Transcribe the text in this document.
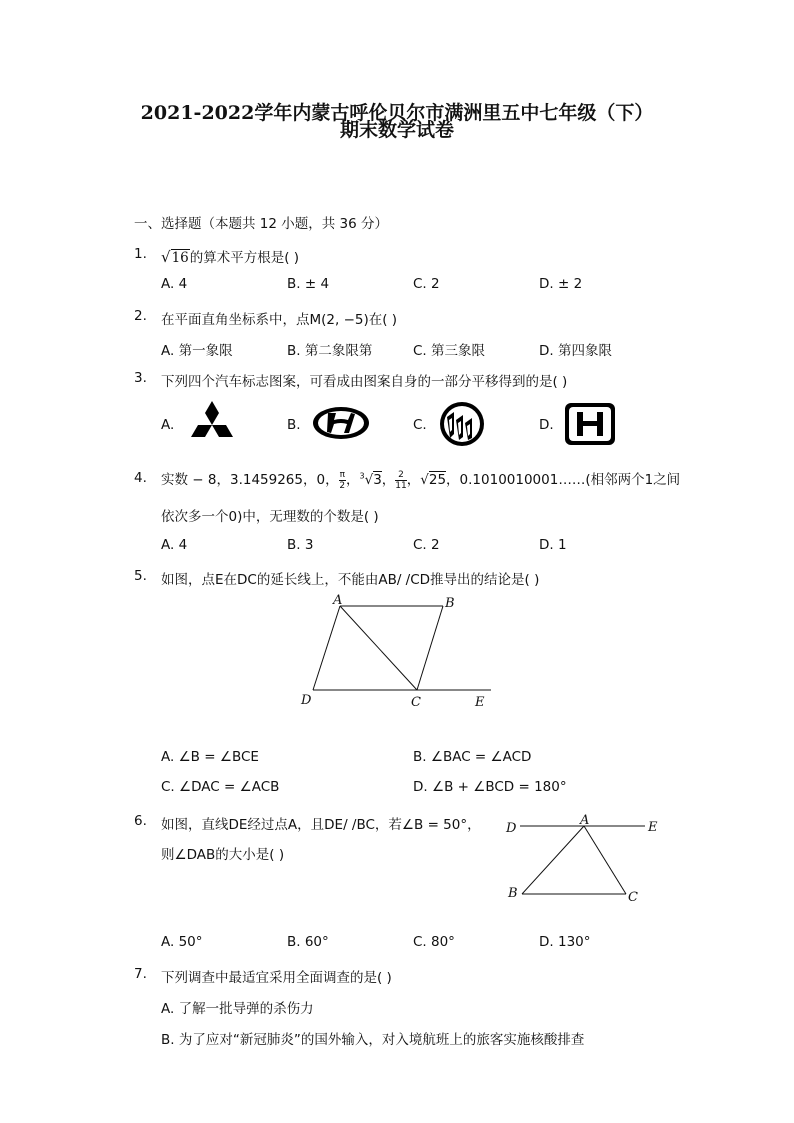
2021-2022学年内蒙古呼伦贝尔市满洲里五中七年级（下）
期末数学试卷
一、选择题（本题共 12 小题，共 36 分）
1. √16的算术平方根是( )
A. 4	B. ± 4	C. 2	D. ± 2
2. 在平面直角坐标系中，点M(2, −5)在( )
A. 第一象限	B. 第二象限第	C. 第三象限	D. 第四象限
3. 下列四个汽车标志图案，可看成由图案自身的一部分平移得到的是( )
A.	B.	C.	D.
4. 实数 − 8，3.1459265，0， $\frac{\pi}{2}$ ，$^3$√3， $\frac{2}{11}$ ，√25，0.1010010001……(相邻两个1之间
依次多一个0)中，无理数的个数是( )
A. 4	B. 3	C. 2	D. 1
5. 如图，点E在DC的延长线上，不能由AB/ /CD推导出的结论是( )
A	B
D	C	E
A. ∠B = ∠BCE	B. ∠BAC = ∠ACD
C. ∠DAC = ∠ACB	D. ∠B + ∠BCD = 180°
6. 如图，直线DE经过点A，且DE/ /BC，若∠B = 50°，
则∠DAB的大小是( )
D
A	E
B	C
A. 50°	B. 60°	C. 80°	D. 130°
7. 下列调查中最适宜采用全面调查的是( )
A. 了解一批导弹的杀伤力
B. 为了应对“新冠肺炎”的国外输入，对入境航班上的旅客实施核酸排查
